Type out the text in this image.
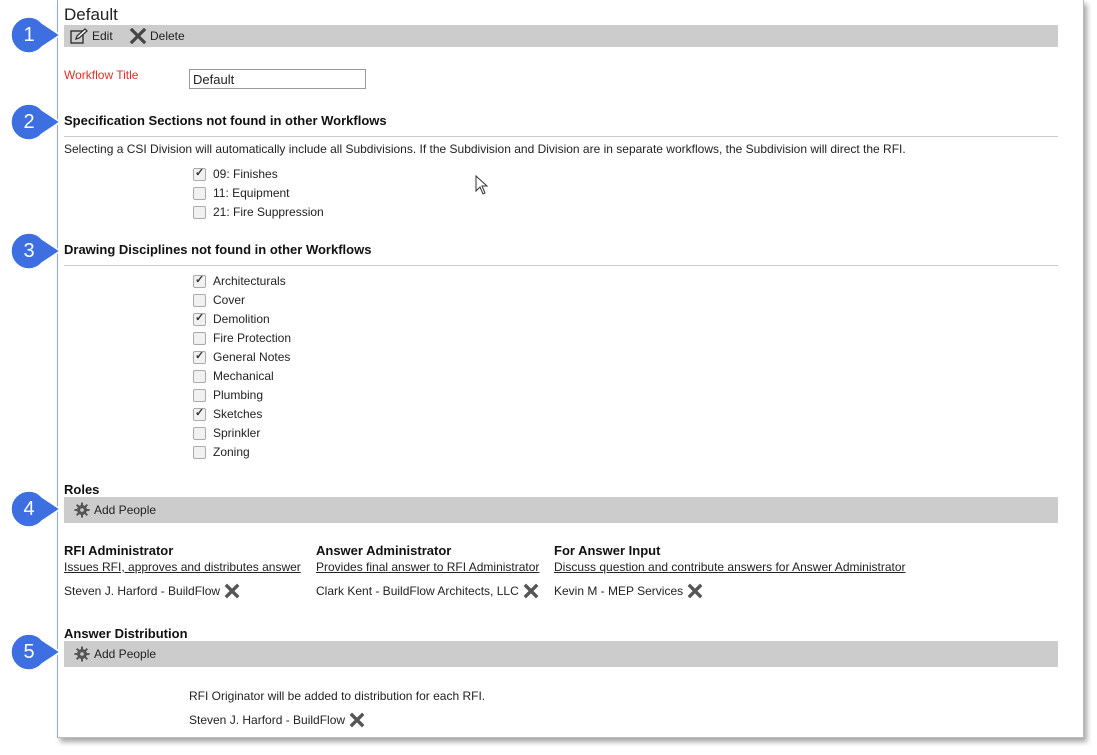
Default
Edit	Delete
Workflow Title
Default
Specification Sections not found in other Workflows
Selecting a CSI Division will automatically include all Subdivisions. If the Subdivision and Division are in separate workflows, the Subdivision will direct the RFI.
✓
09: Finishes
11: Equipment
21: Fire Suppression
Drawing Disciplines not found in other Workflows
✓
Architecturals
Cover
✓
Demolition
Fire Protection
✓
General Notes
Mechanical
Plumbing
✓
Sketches
Sprinkler
Zoning
Roles
Add People
RFI Administrator
Issues RFI, approves and distributes answer
Steven J. Harford - BuildFlow
Answer Administrator
Provides final answer to RFI Administrator
Clark Kent - BuildFlow Architects, LLC
For Answer Input
Discuss question and contribute answers for Answer Administrator
Kevin M - MEP Services
Answer Distribution
Add People
RFI Originator will be added to distribution for each RFI.
Steven J. Harford - BuildFlow
1
2
3
4
5
